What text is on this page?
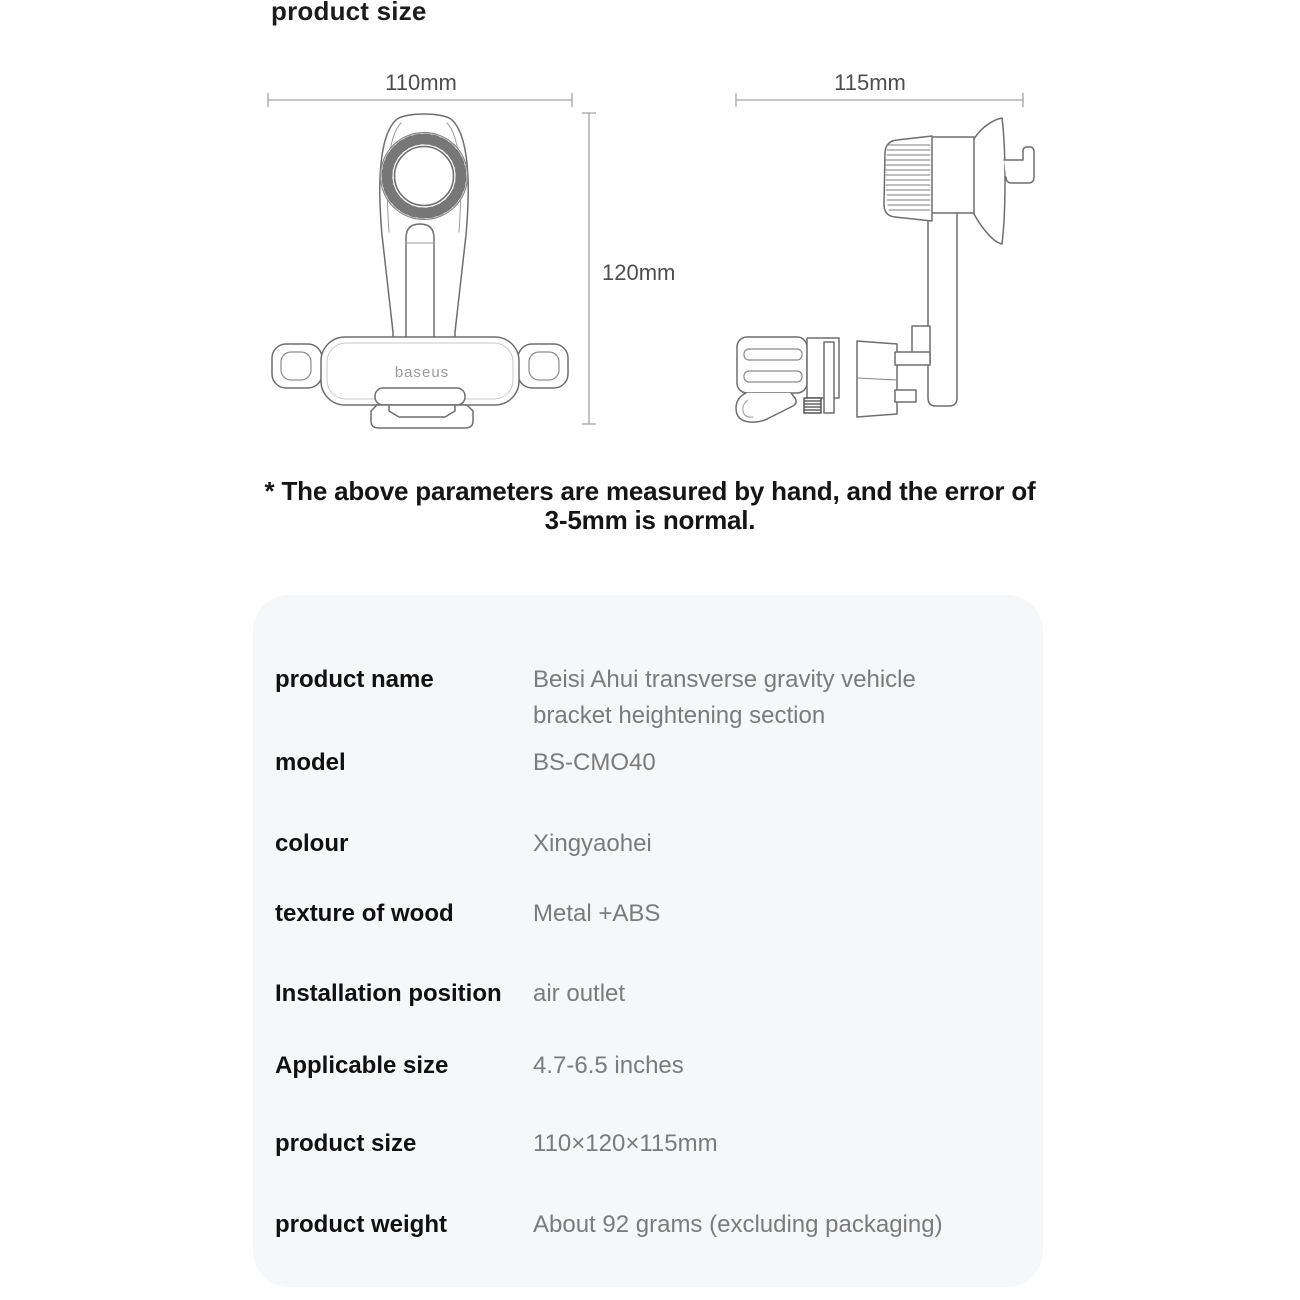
product size
110mm	115mm
120mm
baseus
* The above parameters are measured by hand, and the error of
3-5mm is normal.
product name	Beisi Ahui transverse gravity vehicle bracket heightening section
model	BS-CMO40
colour	Xingyaohei
texture of wood	Metal +ABS
Installation position	air outlet
Applicable size	4.7-6.5 inches
product size	110×120×115mm
product weight	About 92 grams (excluding packaging)
